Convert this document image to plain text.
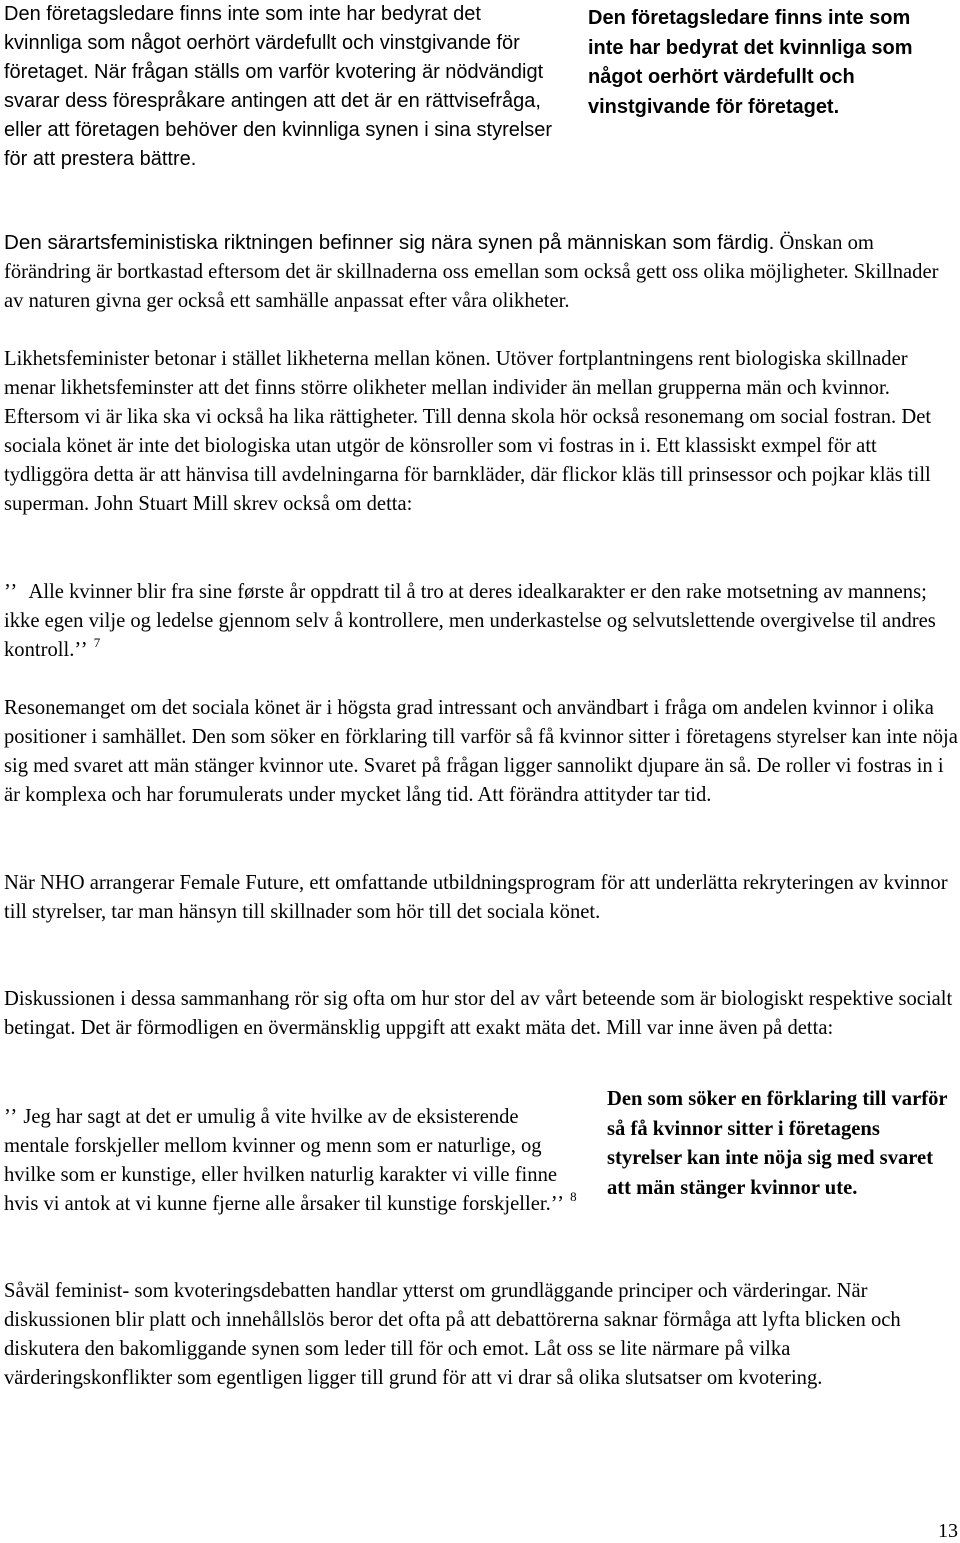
Den företagsledare finns inte som inte har bedyrat det kvinnliga som något oerhört värdefullt och vinstgivande för företaget. När frågan ställs om varför kvotering är nödvändigt svarar dess förespråkare antingen att det är en rättvisefråga, eller att företagen behöver den kvinnliga synen i sina styrelser för att prestera bättre.

Den företagsledare finns inte som inte har bedyrat det kvinnliga som något oerhört värdefullt och vinstgivande för företaget.

Den särartsfeministiska riktningen befinner sig nära synen på människan som färdig. Önskan om förändring är bortkastad eftersom det är skillnaderna oss emellan som också gett oss olika möjligheter. Skillnader av naturen givna ger också ett samhälle anpassat efter våra olikheter.

Likhetsfeminister betonar i stället likheterna mellan könen. Utöver fortplantningens rent biologiska skillnader menar likhetsfeminster att det finns större olikheter mellan individer än mellan grupperna män och kvinnor. Eftersom vi är lika ska vi också ha lika rättigheter. Till denna skola hör också resonemang om social fostran. Det sociala könet är inte det biologiska utan utgör de könsroller som vi fostras in i. Ett klassiskt exmpel för att tydliggöra detta är att hänvisa till avdelningarna för barnkläder, där flickor kläs till prinsessor och pojkar kläs till superman. John Stuart Mill skrev också om detta:

’’ Alle kvinner blir fra sine første år oppdratt til å tro at deres idealkarakter er den rake motsetning av mannens; ikke egen vilje og ledelse gjennom selv å kontrollere, men underkastelse og selvutslettende overgivelse til andres kontroll.’’ $^7$

Resonemanget om det sociala könet är i högsta grad intressant och användbart i fråga om andelen kvinnor i olika positioner i samhället. Den som söker en förklaring till varför så få kvinnor sitter i företagens styrelser kan inte nöja sig med svaret att män stänger kvinnor ute. Svaret på frågan ligger sannolikt djupare än så. De roller vi fostras in i är komplexa och har forumulerats under mycket lång tid. Att förändra attityder tar tid.

När NHO arrangerar Female Future, ett omfattande utbildningsprogram för att underlätta rekryteringen av kvinnor till styrelser, tar man hänsyn till skillnader som hör till det sociala könet.

Diskussionen i dessa sammanhang rör sig ofta om hur stor del av vårt beteende som är biologiskt respektive socialt betingat. Det är förmodligen en övermänsklig uppgift att exakt mäta det. Mill var inne även på detta:

’’ Jeg har sagt at det er umulig å vite hvilke av de eksisterende mentale forskjeller mellom kvinner og menn som er naturlige, og hvilke som er kunstige, eller hvilken naturlig karakter vi ville finne hvis vi antok at vi kunne fjerne alle årsaker til kunstige forskjeller.’’ $^8$

Den som söker en förklaring till varför så få kvinnor sitter i företagens styrelser kan inte nöja sig med svaret att män stänger kvinnor ute.

Såväl feminist- som kvoteringsdebatten handlar ytterst om grundläggande principer och värderingar. När diskussionen blir platt och innehållslös beror det ofta på att debattörerna saknar förmåga att lyfta blicken och diskutera den bakomliggande synen som leder till för och emot. Låt oss se lite närmare på vilka värderingskonflikter som egentligen ligger till grund för att vi drar så olika slutsatser om kvotering.

13
